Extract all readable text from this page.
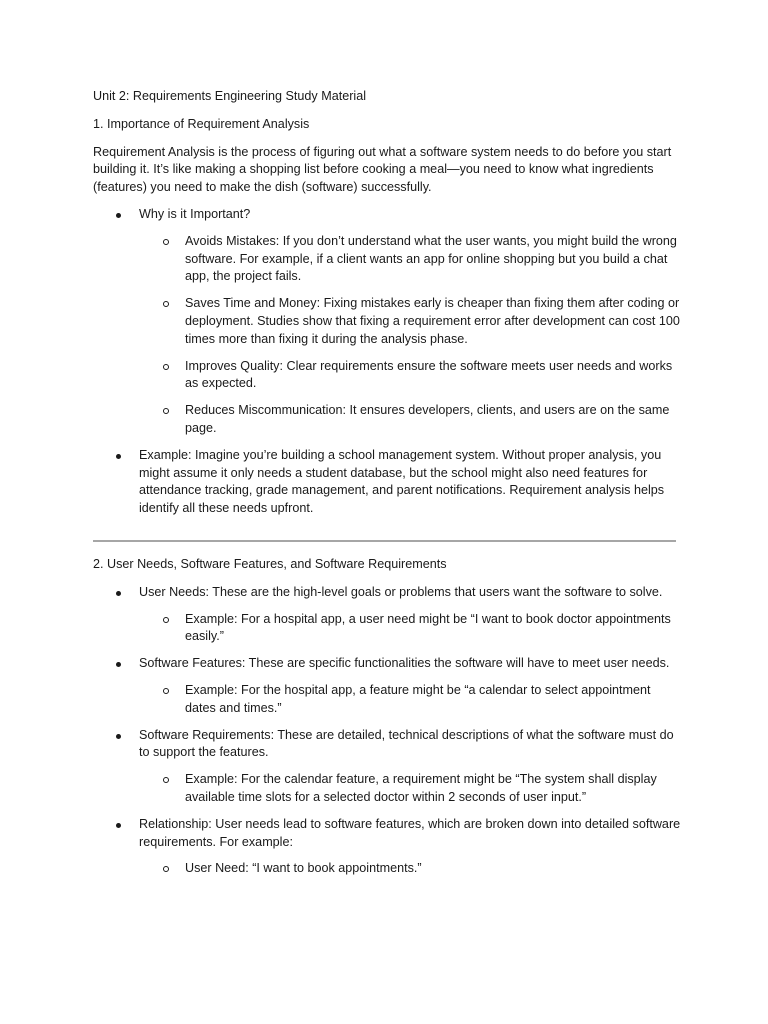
Unit 2: Requirements Engineering Study Material

1. Importance of Requirement Analysis

Requirement Analysis is the process of figuring out what a software system needs to do before you start building it. It’s like making a shopping list before cooking a meal—you need to know what ingredients (features) you need to make the dish (software) successfully.

Why is it Important?
Avoids Mistakes: If you don’t understand what the user wants, you might build the wrong software. For example, if a client wants an app for online shopping but you build a chat app, the project fails.
Saves Time and Money: Fixing mistakes early is cheaper than fixing them after coding or deployment. Studies show that fixing a requirement error after development can cost 100 times more than fixing it during the analysis phase.
Improves Quality: Clear requirements ensure the software meets user needs and works as expected.
Reduces Miscommunication: It ensures developers, clients, and users are on the same page.
Example: Imagine you’re building a school management system. Without proper analysis, you might assume it only needs a student database, but the school might also need features for attendance tracking, grade management, and parent notifications. Requirement analysis helps identify all these needs upfront.

2. User Needs, Software Features, and Software Requirements

User Needs: These are the high-level goals or problems that users want the software to solve.
Example: For a hospital app, a user need might be “I want to book doctor appointments easily.”
Software Features: These are specific functionalities the software will have to meet user needs.
Example: For the hospital app, a feature might be “a calendar to select appointment dates and times.”
Software Requirements: These are detailed, technical descriptions of what the software must do to support the features.
Example: For the calendar feature, a requirement might be “The system shall display available time slots for a selected doctor within 2 seconds of user input.”
Relationship: User needs lead to software features, which are broken down into detailed software requirements. For example:
User Need: “I want to book appointments.”
